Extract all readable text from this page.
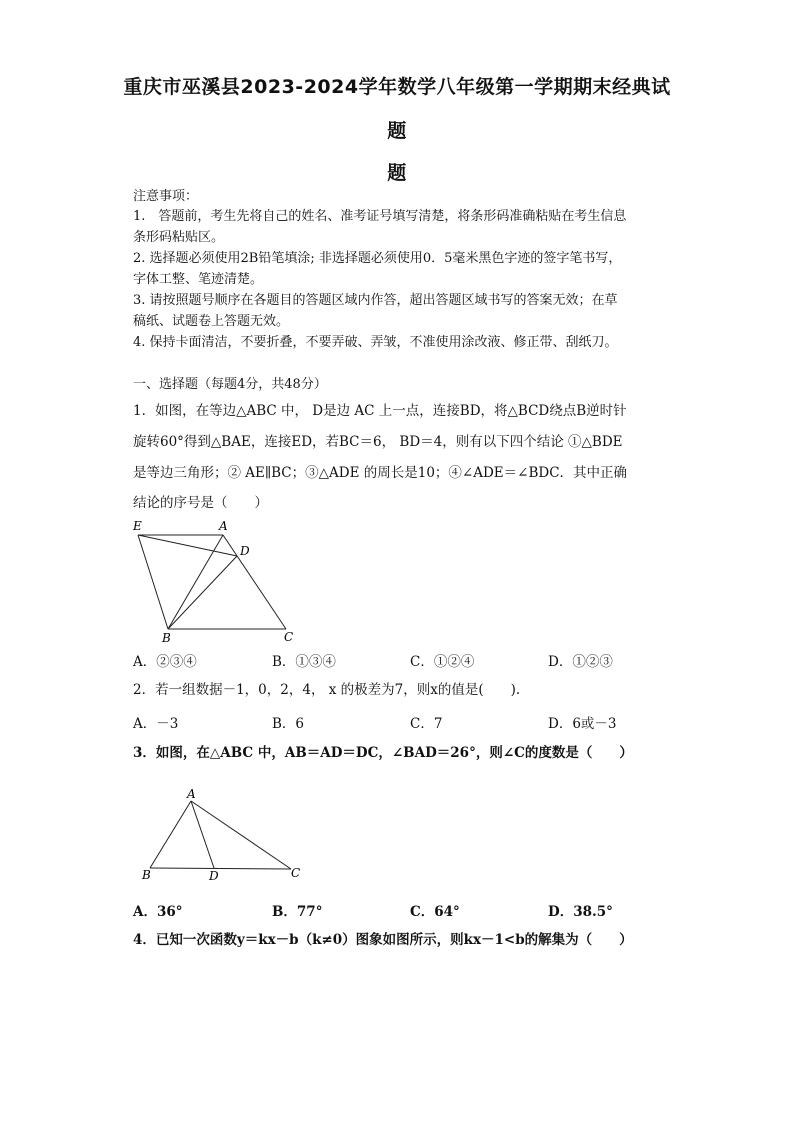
重庆市巫溪县2023-2024学年数学八年级第一学期期末经典试
题
题
注意事项：
1.　答题前，考生先将自己的姓名、准考证号填写清楚，将条形码准确粘贴在考生信息
条形码粘贴区。
2. 选择题必须使用2B铅笔填涂; 非选择题必须使用0．5毫米黑色字迹的签字笔书写，
字体工整、笔迹清楚。
3. 请按照题号顺序在各题目的答题区域内作答，超出答题区域书写的答案无效；在草
稿纸、试题卷上答题无效。
4. 保持卡面清洁，不要折叠，不要弄破、弄皱，不准使用涂改液、修正带、刮纸刀。
一、选择题（每题4分，共48分）
1．如图，在等边△ABC 中， D是边 AC 上一点，连接BD，将△BCD绕点B逆时针
旋转60°得到△BAE，连接ED，若BC＝6， BD＝4，则有以下四个结论 ①△BDE
是等边三角形；② AE∥BC；③△ADE 的周长是10；④∠ADE＝∠BDC．其中正确
结论的序号是（　　）
E	A
D
B	C
A．②③④	B．①③④	C．①②④	D．①②③
2．若一组数据－1，0，2，4， x 的极差为7，则x的值是(　　).
A．－3	B．6	C．7	D．6或－3
3．如图，在△ABC 中，AB＝AD＝DC，∠BAD＝26°，则∠C的度数是（　　）
A
B	D	C
A．36°	B．77°	C．64°	D．38.5°
4．已知一次函数y＝kx－b（k≠0）图象如图所示，则kx－1<b的解集为（　　）
